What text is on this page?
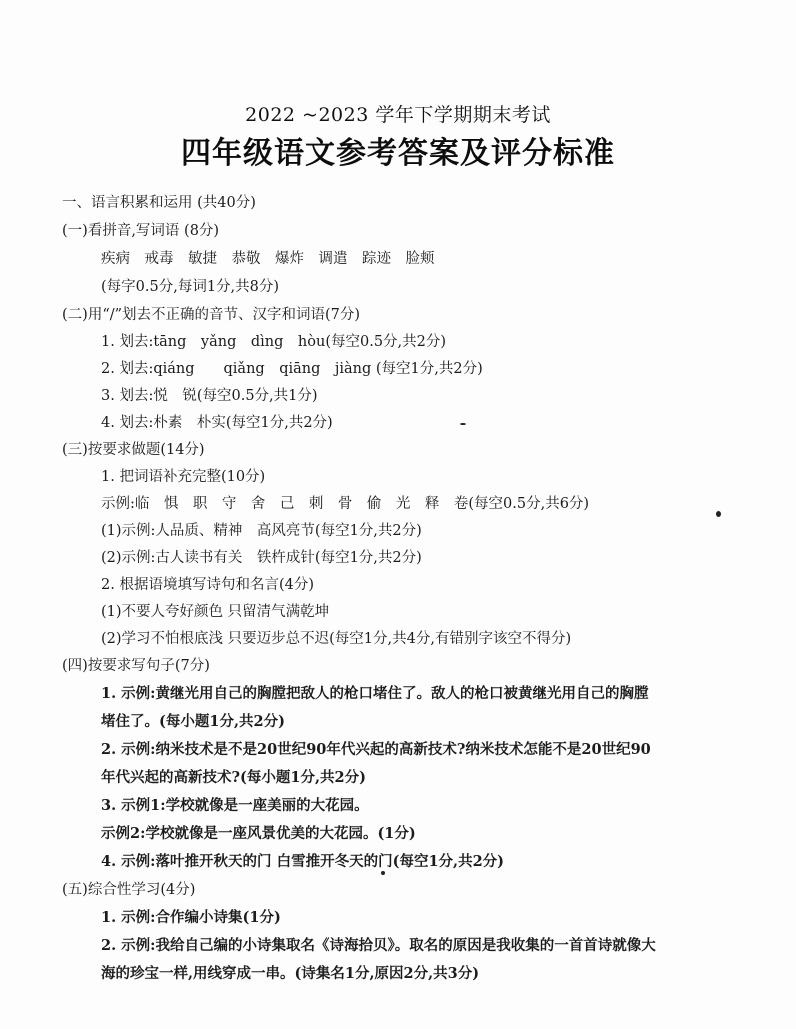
2022 ~2023 学年下学期期末考试
四年级语文参考答案及评分标准
一、语言积累和运用 (共40分)
(一)看拼音,写词语 (8分)
疾病　戒毒　敏捷　恭敬　爆炸　调遣　踪迹　脸颊
(每字0.5分,每词1分,共8分)
(二)用“/”划去不正确的音节、汉字和词语(7分)
1. 划去:tāng　yǎng　dìng　hòu(每空0.5分,共2分)
2. 划去:qiáng　　qiǎng　qiāng　jiàng (每空1分,共2分)
3. 划去:悦　锐(每空0.5分,共1分)
4. 划去:朴素　朴实(每空1分,共2分)
(三)按要求做题(14分)
1. 把词语补充完整(10分)
示例:临　惧　职　守　舍　己　刺　骨　偷　光　释　卷(每空0.5分,共6分)
(1)示例:人品质、精神　高风亮节(每空1分,共2分)
(2)示例:古人读书有关　铁杵成针(每空1分,共2分)
2. 根据语境填写诗句和名言(4分)
(1)不要人夸好颜色 只留清气满乾坤
(2)学习不怕根底浅 只要迈步总不迟(每空1分,共4分,有错别字该空不得分)
(四)按要求写句子(7分)
1. 示例:黄继光用自己的胸膛把敌人的枪口堵住了。敌人的枪口被黄继光用自己的胸膛
堵住了。(每小题1分,共2分)
2. 示例:纳米技术是不是20世纪90年代兴起的高新技术?纳米技术怎能不是20世纪90
年代兴起的高新技术?(每小题1分,共2分)
3. 示例1:学校就像是一座美丽的大花园。
示例2:学校就像是一座风景优美的大花园。(1分)
4. 示例:落叶推开秋天的门 白雪推开冬天的门(每空1分,共2分)
(五)综合性学习(4分)
1. 示例:合作编小诗集(1分)
2. 示例:我给自己编的小诗集取名《诗海拾贝》。取名的原因是我收集的一首首诗就像大
海的珍宝一样,用线穿成一串。(诗集名1分,原因2分,共3分)
